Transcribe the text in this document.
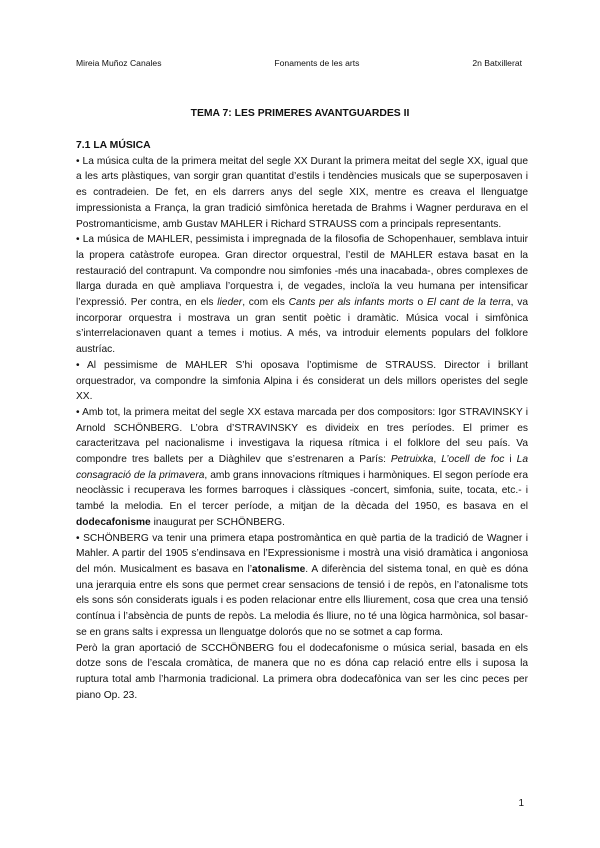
Mireia Muñoz Canales	Fonaments de les arts	2n Batxillerat
TEMA 7: LES PRIMERES AVANTGUARDES II

7.1 LA MÚSICA

• La música culta de la primera meitat del segle XX Durant la primera meitat del segle XX, igual que a les arts plàstiques, van sorgir gran quantitat d’estils i tendències musicals que se superposaven i es contradeien. De fet, en els darrers anys del segle XIX, mentre es creava el llenguatge impressionista a França, la gran tradició simfònica heretada de Brahms i Wagner perdurava en el Postromanticisme, amb Gustav MAHLER i Richard STRAUSS com a principals representants.

• La música de MAHLER, pessimista i impregnada de la filosofia de Schopenhauer, semblava intuir la propera catàstrofe europea. Gran director orquestral, l’estil de MAHLER estava basat en la restauració del contrapunt. Va compondre nou simfonies -més una inacabada-, obres complexes de llarga durada en què ampliava l’orquestra i, de vegades, incloïa la veu humana per intensificar l’expressió. Per contra, en els lieder, com els Cants per als infants morts o El cant de la terra, va incorporar orquestra i mostrava un gran sentit poètic i dramàtic. Música vocal i simfònica s’interrelacionaven quant a temes i motius. A més, va introduir elements populars del folklore austríac.

• Al pessimisme de MAHLER S’hi oposava l’optimisme de STRAUSS. Director i brillant orquestrador, va compondre la simfonia Alpina i és considerat un dels millors operistes del segle XX.

• Amb tot, la primera meitat del segle XX estava marcada per dos compositors: Igor STRAVINSKY i Arnold SCHÖNBERG. L’obra d’STRAVINSKY es divideix en tres períodes. El primer es caracteritzava pel nacionalisme i investigava la riquesa rítmica i el folklore del seu país. Va compondre tres ballets per a Diàghilev que s’estrenaren a París: Petruixka, L’ocell de foc i La consagració de la primavera, amb grans innovacions rítmiques i harmòniques. El segon període era neoclàssic i recuperava les formes barroques i clàssiques -concert, simfonia, suite, tocata, etc.- i també la melodia. En el tercer període, a mitjan de la dècada del 1950, es basava en el dodecafonisme inaugurat per SCHÖNBERG.

• SCHÖNBERG va tenir una primera etapa postromàntica en què partia de la tradició de Wagner i Mahler. A partir del 1905 s’endinsava en l’Expressionisme i mostrà una visió dramàtica i angoniosa del món. Musicalment es basava en l’atonalisme. A diferència del sistema tonal, en què es dóna una jerarquia entre els sons que permet crear sensacions de tensió i de repòs, en l’atonalisme tots els sons són considerats iguals i es poden relacionar entre ells lliurement, cosa que crea una tensió contínua i l’absència de punts de repòs. La melodia és lliure, no té una lògica harmònica, sol basar-se en grans salts i expressa un llenguatge dolorós que no se sotmet a cap forma.

Però la gran aportació de SCCHÖNBERG fou el dodecafonisme o música serial, basada en els dotze sons de l’escala cromàtica, de manera que no es dóna cap relació entre ells i suposa la ruptura total amb l’harmonia tradicional. La primera obra dodecafònica van ser les cinc peces per piano Op. 23.

1
